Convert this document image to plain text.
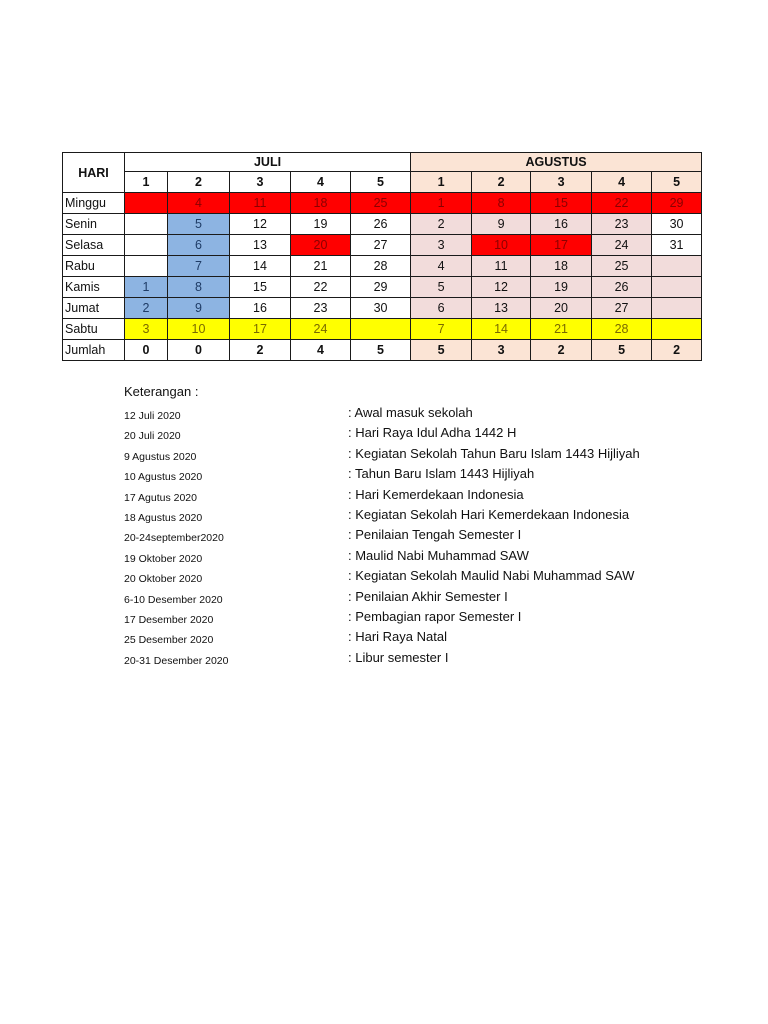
HARI	JULI					AGUSTUS				
	1	2	3	4	5	1	2	3	4	5
Minggu		4	11	18	25	1	8	15	22	29
Senin		5	12	19	26	2	9	16	23	30
Selasa		6	13	20	27	3	10	17	24	31
Rabu		7	14	21	28	4	11	18	25	
Kamis	1	8	15	22	29	5	12	19	26	
Jumat	2	9	16	23	30	6	13	20	27	
Sabtu	3	10	17	24		7	14	21	28	
Jumlah	0	0	2	4	5	5	3	2	5	2
Keterangan :
12 Juli 2020	: Awal masuk sekolah
20 Juli 2020	: Hari Raya Idul Adha 1442 H
9 Agustus 2020	: Kegiatan Sekolah Tahun Baru Islam 1443 Hijliyah
10 Agustus 2020	: Tahun Baru Islam 1443 Hijliyah
17 Agutus 2020	: Hari Kemerdekaan Indonesia
18 Agustus 2020	: Kegiatan Sekolah Hari Kemerdekaan Indonesia
20-24september2020	: Penilaian Tengah Semester I
19 Oktober 2020	: Maulid Nabi Muhammad SAW
20 Oktober 2020	: Kegiatan Sekolah Maulid Nabi Muhammad SAW
6-10 Desember 2020	: Penilaian Akhir Semester I
17 Desember 2020	: Pembagian rapor Semester I
25 Desember 2020	: Hari Raya Natal
20-31 Desember 2020	: Libur semester I
